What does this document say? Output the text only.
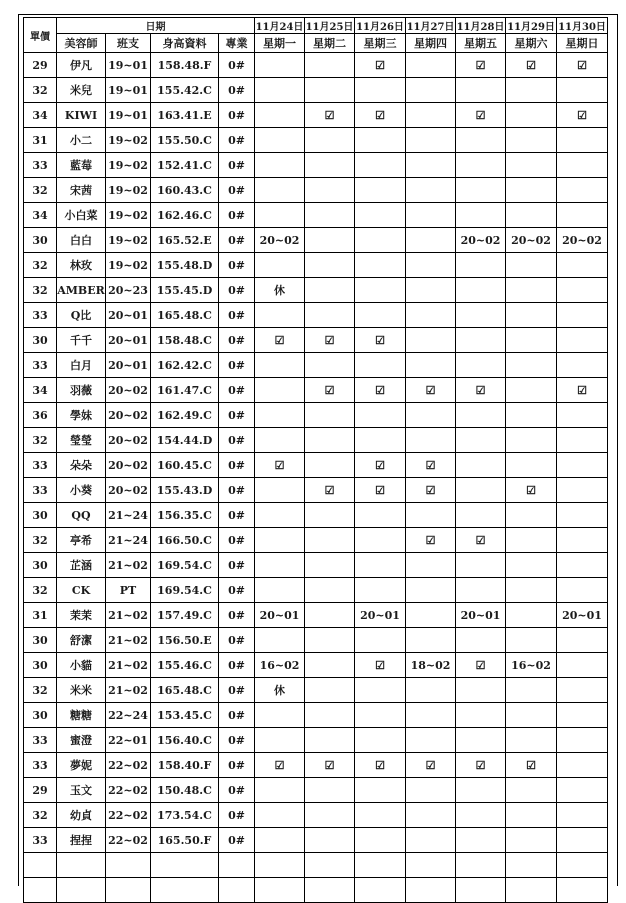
單價	日期				11月24日	11月25日	11月26日	11月27日	11月28日	11月29日	11月30日
	美容師	班支	身高資料	專業	星期一	星期二	星期三	星期四	星期五	星期六	星期日
29	伊凡	19~01	158.48.F	0#			☑		☑	☑	☑
32	米兒	19~01	155.42.C	0#							
34	KIWI	19~01	163.41.E	0#		☑	☑		☑		☑
31	小二	19~02	155.50.C	0#							
33	藍莓	19~02	152.41.C	0#							
32	宋茜	19~02	160.43.C	0#							
34	小白菜	19~02	162.46.C	0#							
30	白白	19~02	165.52.E	0#	20~02				20~02	20~02	20~02
32	林玫	19~02	155.48.D	0#							
32	AMBER	20~23	155.45.D	0#	休						
33	Q比	20~01	165.48.C	0#							
30	千千	20~01	158.48.C	0#	☑	☑	☑				
33	白月	20~01	162.42.C	0#							
34	羽薇	20~02	161.47.C	0#		☑	☑	☑	☑		☑
36	學妹	20~02	162.49.C	0#							
32	瑩瑩	20~02	154.44.D	0#							
33	朵朵	20~02	160.45.C	0#	☑		☑	☑			
33	小葵	20~02	155.43.D	0#		☑	☑	☑		☑	
30	QQ	21~24	156.35.C	0#							
32	亭希	21~24	166.50.C	0#				☑	☑		
30	芷涵	21~02	169.54.C	0#							
32	CK	PT	169.54.C	0#							
31	茉茉	21~02	157.49.C	0#	20~01		20~01		20~01		20~01
30	舒潔	21~02	156.50.E	0#							
30	小貓	21~02	155.46.C	0#	16~02		☑	18~02	☑	16~02	
32	米米	21~02	165.48.C	0#	休						
30	糖糖	22~24	153.45.C	0#							
33	蜜澄	22~01	156.40.C	0#							
33	夢妮	22~02	158.40.F	0#	☑	☑	☑	☑	☑	☑	
29	玉文	22~02	150.48.C	0#							
32	幼貞	22~02	173.54.C	0#							
33	捏捏	22~02	165.50.F	0#							
